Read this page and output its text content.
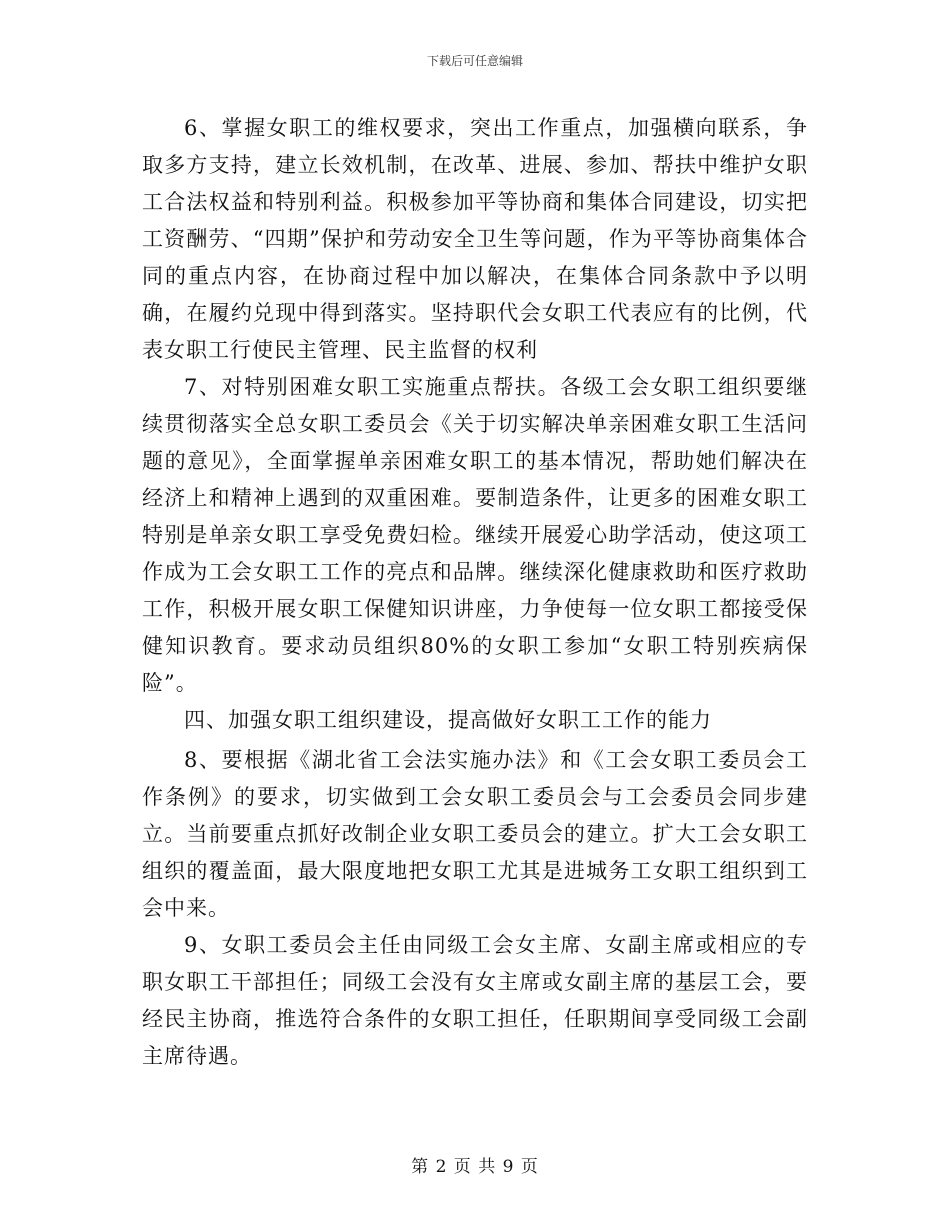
下载后可任意编辑

6、掌握女职工的维权要求，突出工作重点，加强横向联系，争取多方支持，建立长效机制，在改革、进展、参加、帮扶中维护女职工合法权益和特别利益。积极参加平等协商和集体合同建设，切实把工资酬劳、“四期”保护和劳动安全卫生等问题，作为平等协商集体合同的重点内容，在协商过程中加以解决，在集体合同条款中予以明确，在履约兑现中得到落实。坚持职代会女职工代表应有的比例，代表女职工行使民主管理、民主监督的权利

7、对特别困难女职工实施重点帮扶。各级工会女职工组织要继续贯彻落实全总女职工委员会《关于切实解决单亲困难女职工生活问题的意见》，全面掌握单亲困难女职工的基本情况，帮助她们解决在经济上和精神上遇到的双重困难。要制造条件，让更多的困难女职工特别是单亲女职工享受免费妇检。继续开展爱心助学活动，使这项工作成为工会女职工工作的亮点和品牌。继续深化健康救助和医疗救助工作，积极开展女职工保健知识讲座，力争使每一位女职工都接受保健知识教育。要求动员组织80%的女职工参加“女职工特别疾病保险”。

四、加强女职工组织建设，提高做好女职工工作的能力

8、要根据《湖北省工会法实施办法》和《工会女职工委员会工作条例》的要求，切实做到工会女职工委员会与工会委员会同步建立。当前要重点抓好改制企业女职工委员会的建立。扩大工会女职工组织的覆盖面，最大限度地把女职工尤其是进城务工女职工组织到工会中来。

9、女职工委员会主任由同级工会女主席、女副主席或相应的专职女职工干部担任；同级工会没有女主席或女副主席的基层工会，要经民主协商，推选符合条件的女职工担任，任职期间享受同级工会副主席待遇。

第 2 页 共 9 页
